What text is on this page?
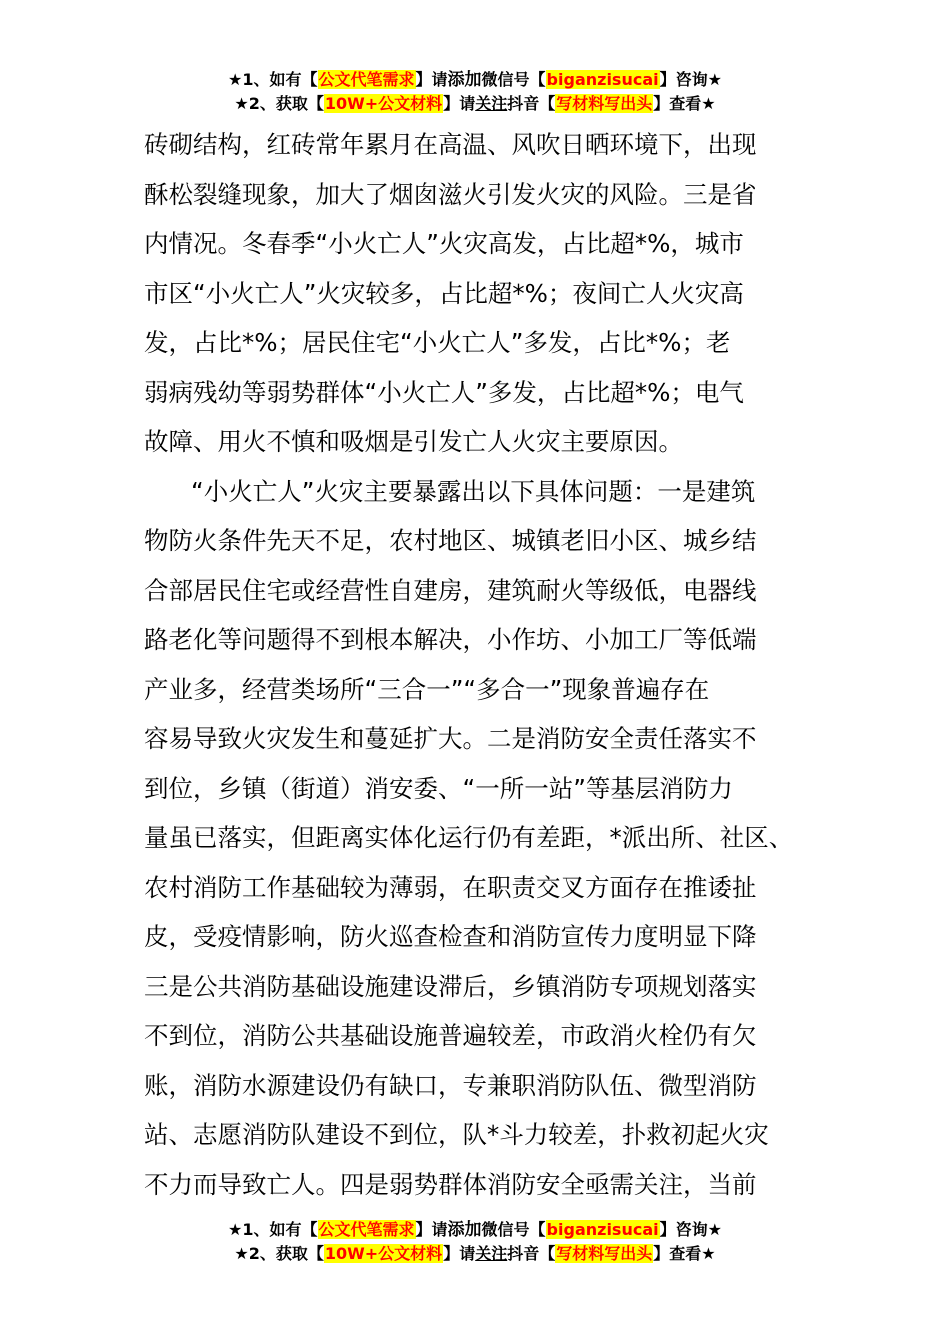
★1、如有【公文代笔需求】请添加微信号【biganzisucai】咨询★
★2、获取【10W+公文材料】请关注抖音【写材料写出头】查看★
砖砌结构，红砖常年累月在高温、风吹日晒环境下，出现
酥松裂缝现象，加大了烟囱滋火引发火灾的风险。三是省
内情况。冬春季“小火亡人”火灾高发，占比超*%，城市
市区“小火亡人”火灾较多，占比超*%；夜间亡人火灾高
发，占比*%；居民住宅“小火亡人”多发，占比*%；老
弱病残幼等弱势群体“小火亡人”多发，占比超*%；电气
故障、用火不慎和吸烟是引发亡人火灾主要原因。
“小火亡人”火灾主要暴露出以下具体问题：一是建筑
物防火条件先天不足，农村地区、城镇老旧小区、城乡结
合部居民住宅或经营性自建房，建筑耐火等级低，电器线
路老化等问题得不到根本解决，小作坊、小加工厂等低端
产业多，经营类场所“三合一”“多合一”现象普遍存在
容易导致火灾发生和蔓延扩大。二是消防安全责任落实不
到位，乡镇（街道）消安委、“一所一站”等基层消防力
量虽已落实，但距离实体化运行仍有差距，*派出所、社区、
农村消防工作基础较为薄弱，在职责交叉方面存在推诿扯
皮，受疫情影响，防火巡查检查和消防宣传力度明显下降
三是公共消防基础设施建设滞后，乡镇消防专项规划落实
不到位，消防公共基础设施普遍较差，市政消火栓仍有欠
账，消防水源建设仍有缺口，专兼职消防队伍、微型消防
站、志愿消防队建设不到位，队*斗力较差，扑救初起火灾
不力而导致亡人。四是弱势群体消防安全亟需关注，当前
★1、如有【公文代笔需求】请添加微信号【biganzisucai】咨询★
★2、获取【10W+公文材料】请关注抖音【写材料写出头】查看★
